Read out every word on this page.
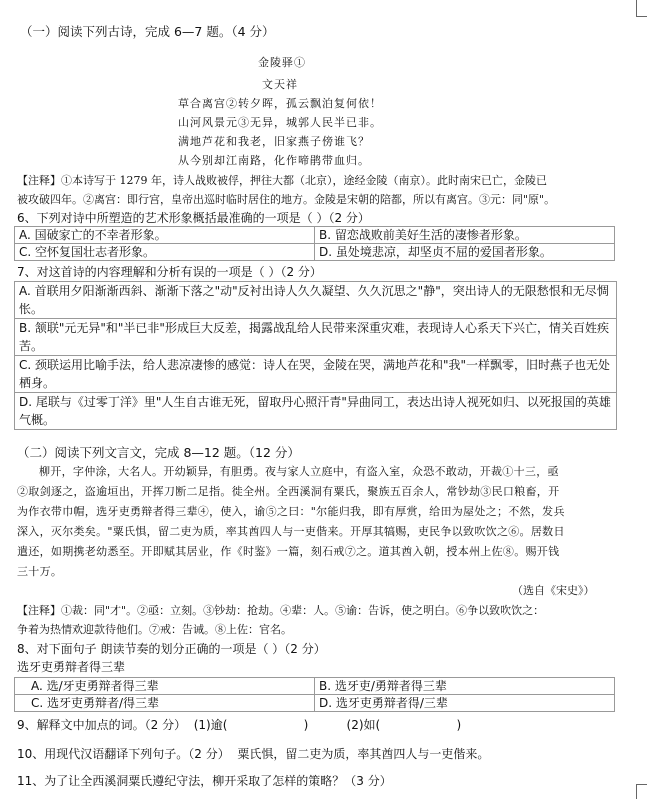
（一）阅读下列古诗，完成 6—7 题。（4 分）
金陵驿①
文天祥
草合离宫②转夕晖，孤云飘泊复何依！
山河风景元③无异，城郭人民半已非。
满地芦花和我老，旧家燕子傍谁飞？
从今别却江南路，化作啼鹃带血归。
【注释】①本诗写于 1279 年，诗人战败被俘，押往大都（北京），途经金陵（南京）。此时南宋已亡，金陵已
被攻破四年。②离宫：即行宫，皇帝出巡时临时居住的地方。金陵是宋朝的陪都，所以有离宫。③元：同"原"。
6、下列对诗中所塑造的艺术形象概括最准确的一项是（ ）（2 分）
A. 国破家亡的不幸者形象。	B. 留恋战败前美好生活的凄惨者形象。
C. 空怀复国壮志者形象。	D. 虽处境悲凉，却坚贞不屈的爱国者形象。
7、对这首诗的内容理解和分析有误的一项是（ ）（2 分）
A. 首联用夕阳渐渐西斜、渐渐下落之"动"反衬出诗人久久凝望、久久沉思之"静"，突出诗人的无限愁恨和无尽惆怅。
B. 颔联"元无异"和"半已非"形成巨大反差，揭露战乱给人民带来深重灾难，表现诗人心系天下兴亡，情关百姓疾苦。
C. 颈联运用比喻手法，给人悲凉凄惨的感觉：诗人在哭，金陵在哭，满地芦花和"我"一样飘零，旧时燕子也无处栖身。
D. 尾联与《过零丁洋》里"人生自古谁无死，留取丹心照汗青"异曲同工，表达出诗人视死如归、以死报国的英雄气概。
（二）阅读下列文言文，完成 8—12 题。（12 分）
柳开，字仲涂，大名人。开幼颖异，有胆勇。夜与家人立庭中，有盗入室，众恐不敢动，开裁①十三，亟
②取剑逐之，盗逾垣出，开挥刀断二足指。徙全州。全西溪洞有粟氏，聚族五百余人，常钞劫③民口粮畜，开
为作衣带巾帽，选牙吏勇辩者得三辈④，使入，谕⑤之曰："尔能归我，即有厚赏，给田为屋处之；不然，发兵
深入，灭尔类矣。"粟氏惧，留二吏为质，率其酋四人与一吏偕来。开厚其犒赐，吏民争以致吹饮之⑥。居数日
遣还，如期携老幼悉至。开即赋其居业，作《时鉴》一篇，刻石戒⑦之。道其酋入朝，授本州上佐⑧。赐开钱
三十万。
（选自《宋史》）
【注释】①裁：同"才"。②亟：立刻。③钞劫：抢劫。④辈：人。⑤谕：告诉，使之明白。⑥争以致吹饮之：
争着为热情欢迎款待他们。⑦戒：告诫。⑧上佐：官名。
8、对下面句子 朗读节奏的划分正确的一项是（ ）（2 分）
选牙吏勇辩者得三辈
A. 选/牙吏勇辩者得三辈	B. 选牙吏/勇辩者得三辈
C. 选牙吏勇辩者/得三辈	D. 选牙吏勇辩者得/三辈
9、解释文中加点的词。（2 分）  (1)逾(                    )          (2)如(                    )
10、用现代汉语翻译下列句子。（2 分）  粟氏惧，留二吏为质，率其酋四人与一吏偕来。
11、为了让全西溪洞粟氏遵纪守法，柳开采取了怎样的策略？（3 分）
